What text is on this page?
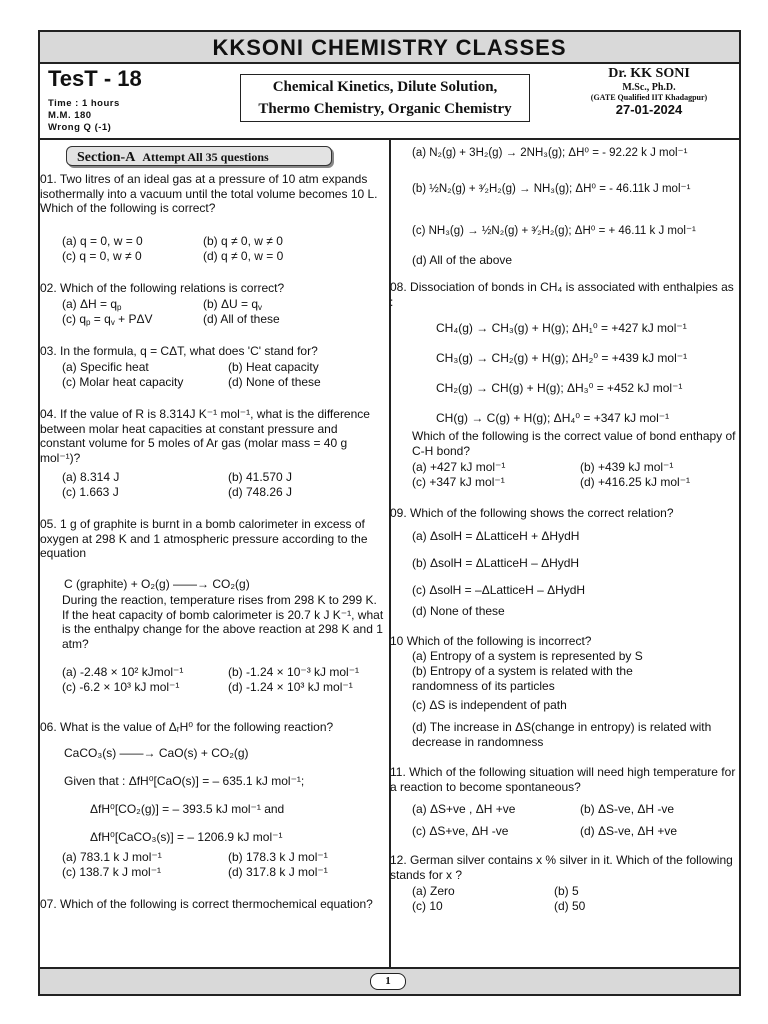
KKSONI CHEMISTRY CLASSES
TesT - 18
Time : 1 hours
M.M. 180
Wrong Q (-1)
Chemical Kinetics, Dilute Solution,
Thermo Chemistry, Organic Chemistry
Dr. KK SONI
M.Sc., Ph.D.
(GATE Qualified IIT Khadagpur)
27-01-2024
Section-A Attempt All 35 questions
01. Two litres of an ideal gas at a pressure of 10 atm expands isothermally into a vacuum until the total volume becomes 10 L. Which of the following is correct?
(a) q = 0, w = 0	(b) q ≠ 0, w ≠ 0
(c) q = 0, w ≠ 0	(d) q ≠ 0, w = 0
02. Which of the following relations is correct?
(a) $\Delta H = q_p$	(b) $\Delta U = q_v$
(c) $q_p = q_v + P\Delta V$	(d) All of these
03. In the formula, q = CΔT, what does 'C' stand for?
(a) Specific heat	(b) Heat capacity
(c) Molar heat capacity	(d) None of these
04. If the value of R is 8.314J K⁻¹ mol⁻¹, what is the difference between molar heat capacities at constant pressure and constant volume for 5 moles of Ar gas (molar mass = 40 g mol⁻¹)?
(a) 8.314 J	(b) 41.570 J
(c) 1.663 J	(d) 748.26 J
05. 1 g of graphite is burnt in a bomb calorimeter in excess of oxygen at 298 K and 1 atmospheric pressure according to the equation
C (graphite) + O₂(g) ——→ CO₂(g)
During the reaction, temperature rises from 298 K to 299 K. If the heat capacity of bomb calorimeter is 20.7 k J K⁻¹, what is the enthalpy change for the above reaction at 298 K and 1 atm?
(a) -2.48 × 10² kJmol⁻¹	(b) -1.24 × 10⁻³ kJ mol⁻¹
(c) -6.2 × 10³ kJ mol⁻¹	(d) -1.24 × 10³ kJ mol⁻¹
06. What is the value of ΔᵣH⁰ for the following reaction?
CaCO₃(s) ——→ CaO(s) + CO₂(g)
Given that : ΔfH⁰[CaO(s)] = – 635.1 kJ mol⁻¹;
ΔfH⁰[CO₂(g)] = – 393.5 kJ mol⁻¹ and
ΔfH⁰[CaCO₃(s)] = – 1206.9 kJ mol⁻¹
(a) 783.1 k J mol⁻¹	(b) 178.3 k J mol⁻¹
(c) 138.7 k J mol⁻¹	(d) 317.8 k J mol⁻¹
07. Which of the following is correct thermochemical equation?
(a) N₂(g) + 3H₂(g) → 2NH₃(g); ΔH⁰ = - 92.22 k J mol⁻¹
(b) ½N₂(g) + ³⁄₂H₂(g) → NH₃(g); ΔH⁰ = - 46.11k J mol⁻¹
(c) NH₃(g) → ½N₂(g) + ³⁄₂H₂(g); ΔH⁰ = + 46.11 k J mol⁻¹
(d) All of the above
08. Dissociation of bonds in CH₄ is associated with enthalpies as :
CH₄(g) → CH₃(g) + H(g); ΔH₁⁰ = +427 kJ mol⁻¹
CH₃(g) → CH₂(g) + H(g); ΔH₂⁰ = +439 kJ mol⁻¹
CH₂(g) → CH(g) + H(g); ΔH₃⁰ = +452 kJ mol⁻¹
CH(g) → C(g) + H(g); ΔH₄⁰ = +347 kJ mol⁻¹
Which of the following is the correct value of bond enthapy of C-H bond?
(a) +427 kJ mol⁻¹	(b) +439 kJ mol⁻¹
(c) +347 kJ mol⁻¹	(d) +416.25 kJ mol⁻¹
09. Which of the following shows the correct relation?
(a) ΔsolH = ΔLatticeH + ΔHydH
(b) ΔsolH = ΔLatticeH – ΔHydH
(c) ΔsolH = –ΔLatticeH – ΔHydH
(d) None of these
10 Which of the following is incorrect?
(a) Entropy of a system is represented by S
(b) Entropy of a system is related with the randomness of its particles
(c) ΔS is independent of path
(d) The increase in ΔS(change in entropy) is related with decrease in randomness
11. Which of the following situation will need high temperature for a reaction to become spontaneous?
(a) ΔS+ve , ΔH +ve	(b) ΔS-ve, ΔH -ve
(c) ΔS+ve, ΔH -ve	(d) ΔS-ve, ΔH +ve
12. German silver contains x % silver in it. Which of the following stands for x ?
(a) Zero	(b) 5
(c) 10	(d) 50
1
